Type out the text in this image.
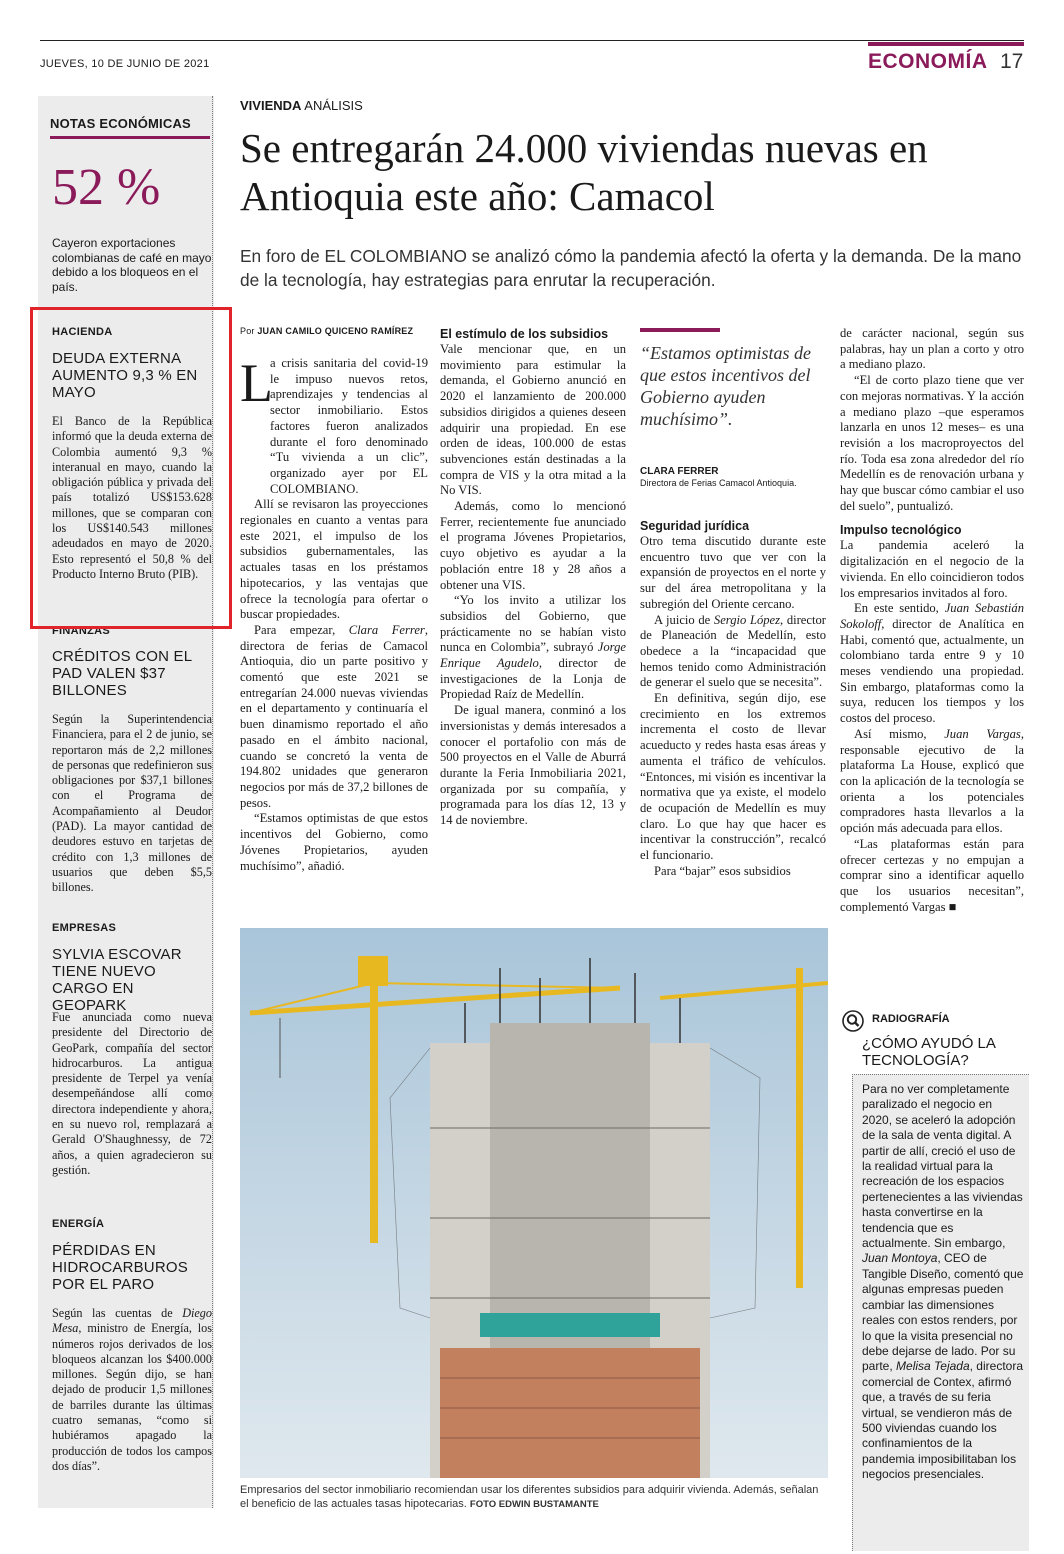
JUEVES, 10 DE JUNIO DE 2021	ECONOMÍA 17
NOTAS ECONÓMICAS
52 %
Cayeron exportaciones colombianas de café en mayo debido a los bloqueos en el país.
HACIENDA
DEUDA EXTERNA AUMENTO 9,3 % EN MAYO
El Banco de la República informó que la deuda externa de Colombia aumentó 9,3 % interanual en mayo, cuando la obligación pública y privada del país totalizó US$153.628 millones, que se comparan con los US$140.543 millones adeudados en mayo de 2020. Esto representó el 50,8 % del Producto Interno Bruto (PIB).
FINANZAS
CRÉDITOS CON EL PAD VALEN $37 BILLONES
Según la Superintendencia Financiera, para el 2 de junio, se reportaron más de 2,2 millones de personas que redefinieron sus obligaciones por $37,1 billones con el Programa de Acompañamiento al Deudor (PAD). La mayor cantidad de deudores estuvo en tarjetas de crédito con 1,3 millones de usuarios que deben $5,5 billones.
EMPRESAS
SYLVIA ESCOVAR TIENE NUEVO CARGO EN GEOPARK
Fue anunciada como nueva presidente del Directorio de GeoPark, compañía del sector hidrocarburos. La antigua presidente de Terpel ya venía desempeñándose allí como directora independiente y ahora, en su nuevo rol, remplazará a Gerald O'Shaughnessy, de 72 años, a quien agradecieron su gestión.
ENERGÍA
PÉRDIDAS EN HIDROCARBUROS POR EL PARO
Según las cuentas de Diego Mesa, ministro de Energía, los números rojos derivados de los bloqueos alcanzan los $400.000 millones. Según dijo, se han dejado de producir 1,5 millones de barriles durante las últimas cuatro semanas, “como si hubiéramos apagado la producción de todos los campos dos días”.
VIVIENDA ANÁLISIS
Se entregarán 24.000 viviendas nuevas en Antioquia este año: Camacol
En foro de EL COLOMBIANO se analizó cómo la pandemia afectó la oferta y la demanda. De la mano de la tecnología, hay estrategias para enrutar la recuperación.
Por JUAN CAMILO QUICENO RAMÍREZ
L

a crisis sanitaria del covid-19 le impuso nuevos retos, aprendizajes y tendencias al sector inmobiliario. Estos factores fueron analizados durante el foro denominado “Tu vivienda a un clic”, organizado ayer por EL COLOMBIANO.

Allí se revisaron las proyecciones regionales en cuanto a ventas para este 2021, el impulso de los subsidios gubernamentales, las actuales tasas en los préstamos hipotecarios, y las ventajas que ofrece la tecnología para ofertar o buscar propiedades.

Para empezar, Clara Ferrer, directora de ferias de Camacol Antioquia, dio un parte positivo y comentó que este 2021 se entregarían 24.000 nuevas viviendas en el departamento y continuaría el buen dinamismo reportado el año pasado en el ámbito nacional, cuando se concretó la venta de 194.802 unidades que generaron negocios por más de 37,2 billones de pesos.

“Estamos optimistas de que estos incentivos del Gobierno, como Jóvenes Propietarios, ayuden muchísimo”, añadió.

El estímulo de los subsidios

Vale mencionar que, en un movimiento para estimular la demanda, el Gobierno anunció en 2020 el lanzamiento de 200.000 subsidios dirigidos a quienes deseen adquirir una propiedad. En ese orden de ideas, 100.000 de estas subvenciones están destinadas a la compra de VIS y la otra mitad a la No VIS.

Además, como lo mencionó Ferrer, recientemente fue anunciado el programa Jóvenes Propietarios, cuyo objetivo es ayudar a la población entre 18 y 28 años a obtener una VIS.

“Yo los invito a utilizar los subsidios del Gobierno, que prácticamente no se habían visto nunca en Colombia”, subrayó Jorge Enrique Agudelo, director de investigaciones de la Lonja de Propiedad Raíz de Medellín.

De igual manera, conminó a los inversionistas y demás interesados a conocer el portafolio con más de 500 proyectos en el Valle de Aburrá durante la Feria Inmobiliaria 2021, organizada por su compañía, y programada para los días 12, 13 y 14 de noviembre.

“Estamos optimistas de que estos incentivos del Gobierno ayuden muchísimo”.
CLARA FERRER
Directora de Ferias Camacol Antioquia.
Seguridad jurídica

Otro tema discutido durante este encuentro tuvo que ver con la expansión de proyectos en el norte y sur del área metropolitana y la subregión del Oriente cercano.

A juicio de Sergio López, director de Planeación de Medellín, esto obedece a la “incapacidad que hemos tenido como Administración de generar el suelo que se necesita”.

En definitiva, según dijo, ese crecimiento en los extremos incrementa el costo de llevar acueducto y redes hasta esas áreas y aumenta el tráfico de vehículos. “Entonces, mi visión es incentivar la normativa que ya existe, el modelo de ocupación de Medellín es muy claro. Lo que hay que hacer es incentivar la construcción”, recalcó el funcionario.

Para “bajar” esos subsidios

de carácter nacional, según sus palabras, hay un plan a corto y otro a mediano plazo.

“El de corto plazo tiene que ver con mejoras normativas. Y la acción a mediano plazo –que esperamos lanzarla en unos 12 meses– es una revisión a los macroproyectos del río. Toda esa zona alrededor del río Medellín es de renovación urbana y hay que buscar cómo cambiar el uso del suelo”, puntualizó.

Impulso tecnológico

La pandemia aceleró la digitalización en el negocio de la vivienda. En ello coincidieron todos los empresarios invitados al foro.

En este sentido, Juan Sebastián Sokoloff, director de Analítica en Habi, comentó que, actualmente, un colombiano tarda entre 9 y 10 meses vendiendo una propiedad. Sin embargo, plataformas como la suya, reducen los tiempos y los costos del proceso.

Así mismo, Juan Vargas, responsable ejecutivo de la plataforma La House, explicó que con la aplicación de la tecnología se orienta a los potenciales compradores hasta llevarlos a la opción más adecuada para ellos.

“Las plataformas están para ofrecer certezas y no empujan a comprar sino a identificar aquello que los usuarios necesitan”, complementó Vargas ■

Empresarios del sector inmobiliario recomiendan usar los diferentes subsidios para adquirir vivienda. Además, señalan el beneficio de las actuales tasas hipotecarias. FOTO EDWIN BUSTAMANTE
RADIOGRAFÍA
¿CÓMO AYUDÓ LA TECNOLOGÍA?
Para no ver completamente paralizado el negocio en 2020, se aceleró la adopción de la sala de venta digital. A partir de allí, creció el uso de la realidad virtual para la recreación de los espacios pertenecientes a las viviendas hasta convertirse en la tendencia que es actualmente. Sin embargo, Juan Montoya, CEO de Tangible Diseño, comentó que algunas empresas pueden cambiar las dimensiones reales con estos renders, por lo que la visita presencial no debe dejarse de lado. Por su parte, Melisa Tejada, directora comercial de Contex, afirmó que, a través de su feria virtual, se vendieron más de 500 viviendas cuando los confinamientos de la pandemia imposibilitaban los negocios presenciales.
